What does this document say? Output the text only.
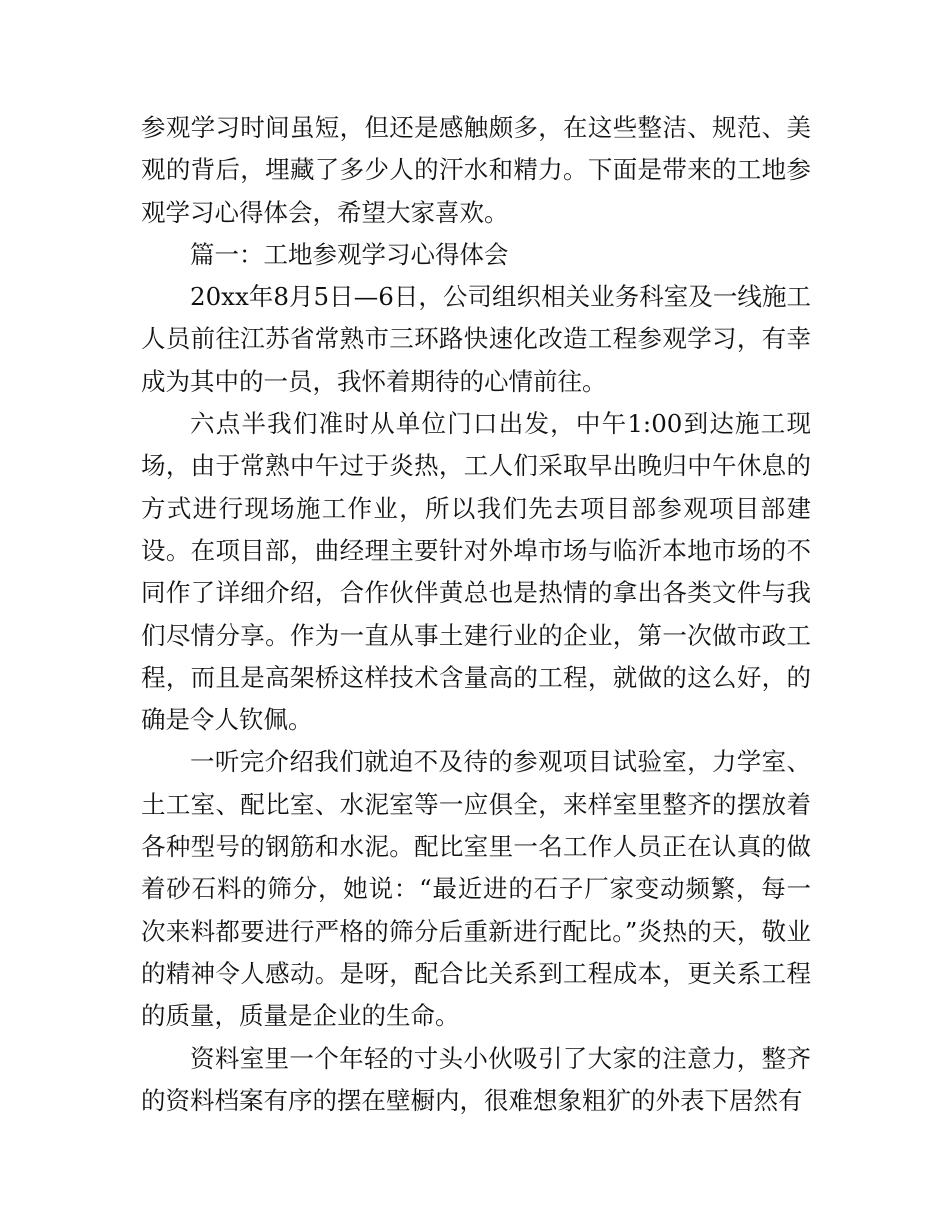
参观学习时间虽短，但还是感触颇多，在这些整洁、规范、美观的背后，埋藏了多少人的汗水和精力。下面是带来的工地参观学习心得体会，希望大家喜欢。

篇一：工地参观学习心得体会

20xx年8月5日—6日，公司组织相关业务科室及一线施工人员前往江苏省常熟市三环路快速化改造工程参观学习，有幸成为其中的一员，我怀着期待的心情前往。

六点半我们准时从单位门口出发，中午1:00到达施工现场，由于常熟中午过于炎热，工人们采取早出晚归中午休息的方式进行现场施工作业，所以我们先去项目部参观项目部建设。在项目部，曲经理主要针对外埠市场与临沂本地市场的不同作了详细介绍，合作伙伴黄总也是热情的拿出各类文件与我们尽情分享。作为一直从事土建行业的企业，第一次做市政工程，而且是高架桥这样技术含量高的工程，就做的这么好，的确是令人钦佩。

一听完介绍我们就迫不及待的参观项目试验室，力学室、土工室、配比室、水泥室等一应俱全，来样室里整齐的摆放着各种型号的钢筋和水泥。配比室里一名工作人员正在认真的做着砂石料的筛分，她说：“最近进的石子厂家变动频繁，每一次来料都要进行严格的筛分后重新进行配比。”炎热的天，敬业的精神令人感动。是呀，配合比关系到工程成本，更关系工程的质量，质量是企业的生命。

资料室里一个年轻的寸头小伙吸引了大家的注意力，整齐的资料档案有序的摆在壁橱内，很难想象粗犷的外表下居然有
